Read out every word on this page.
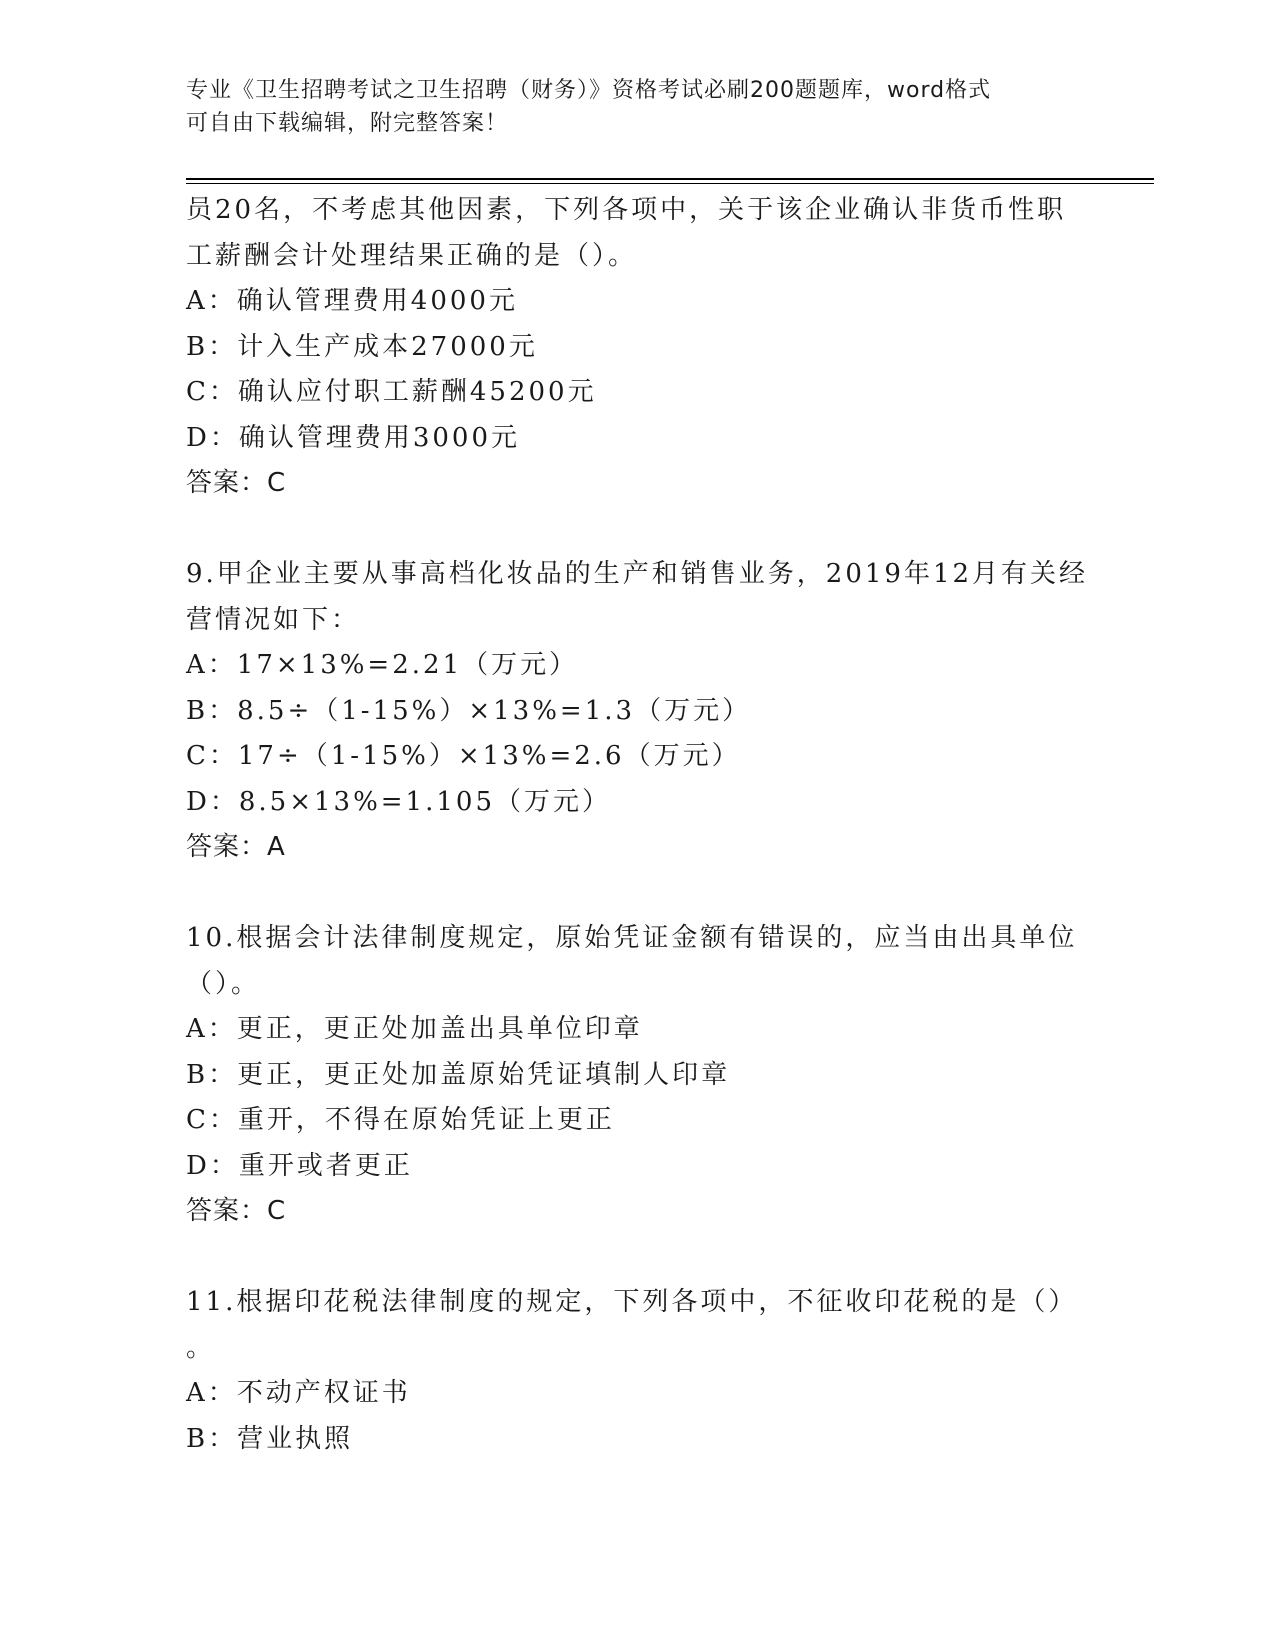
专业《卫生招聘考试之卫生招聘（财务）》资格考试必刷200题题库，word格式
可自由下载编辑，附完整答案！
员20名，不考虑其他因素，下列各项中，关于该企业确认非货币性职
工薪酬会计处理结果正确的是（）。
A：确认管理费用4000元
B：计入生产成本27000元
C：确认应付职工薪酬45200元
D：确认管理费用3000元
答案：C
9.甲企业主要从事高档化妆品的生产和销售业务，2019年12月有关经
营情况如下：
A：17×13%=2.21（万元）
B：8.5÷（1-15%）×13%=1.3（万元）
C：17÷（1-15%）×13%=2.6（万元）
D：8.5×13%=1.105（万元）
答案：A
10.根据会计法律制度规定，原始凭证金额有错误的，应当由出具单位
（）。
A：更正，更正处加盖出具单位印章
B：更正，更正处加盖原始凭证填制人印章
C：重开，不得在原始凭证上更正
D：重开或者更正
答案：C
11.根据印花税法律制度的规定，下列各项中，不征收印花税的是（）
。
A：不动产权证书
B：营业执照
